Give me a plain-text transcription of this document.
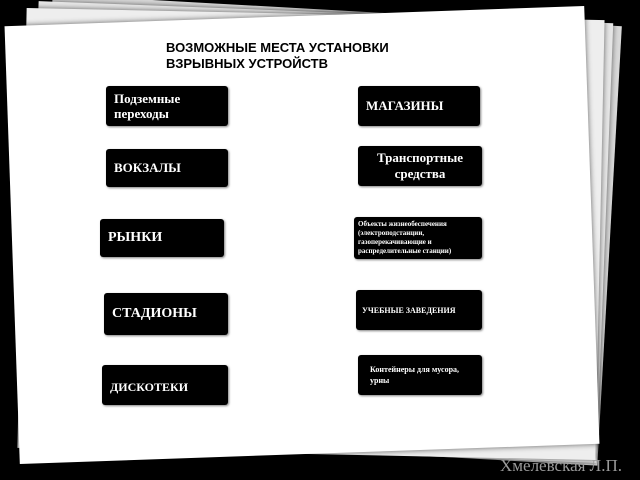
ВОЗМОЖНЫЕ МЕСТА УСТАНОВКИ
ВЗРЫВНЫХ УСТРОЙСТВ
Подземные переходы
ВОКЗАЛЫ
РЫНКИ
СТАДИОНЫ
ДИСКОТЕКИ
МАГАЗИНЫ
Транспортные средства
Объекты жизнеобеспечения (электроподстанции, газоперекачивающие и распределительные станции)
УЧЕБНЫЕ ЗАВЕДЕНИЯ
Контейнеры для мусора, урны
Хмелевская Л.П.
